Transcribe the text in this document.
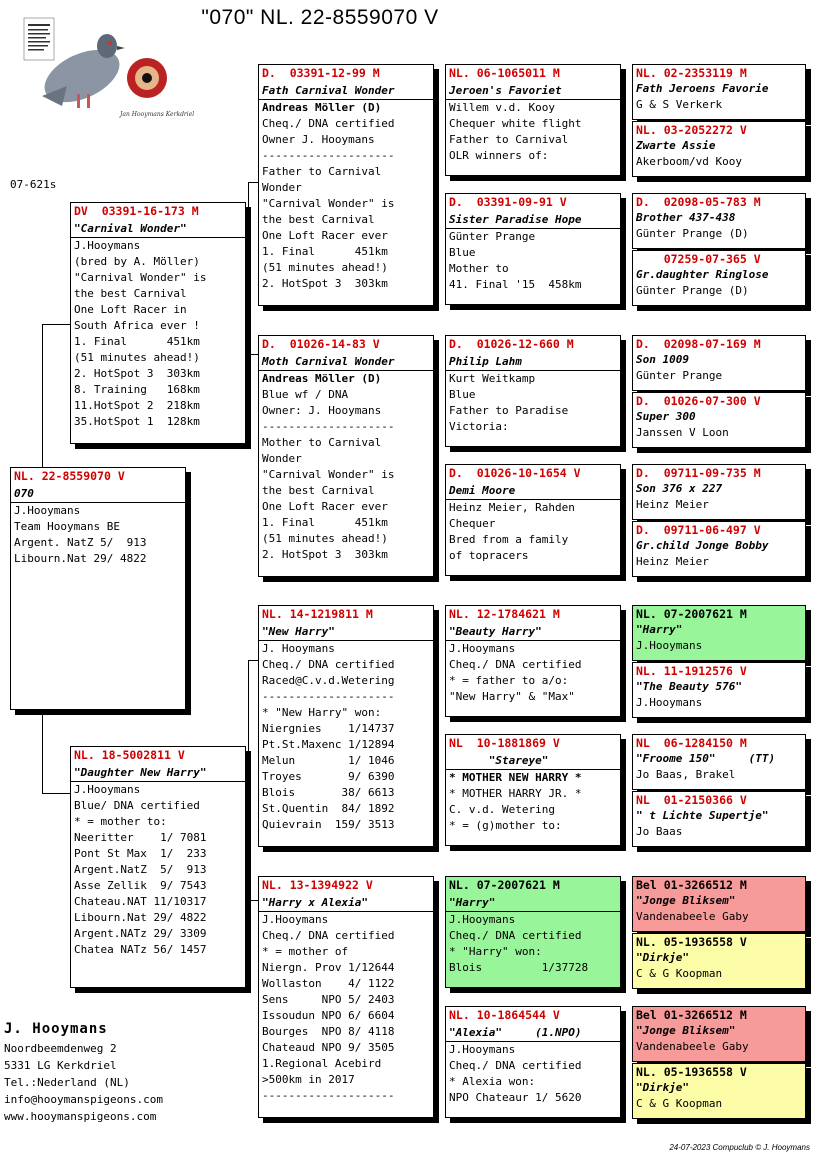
"070" NL. 22-8559070 V
Jan Hooymans Kerkdriel
07-621s
NL. 22-8559070 V
070
J.Hooymans
Team Hooymans BE
Argent. NatZ 5/  913
Libourn.Nat 29/ 4822
DV  03391-16-173 M
"Carnival Wonder"
J.Hooymans
(bred by A. Möller)
"Carnival Wonder" is
the best Carnival
One Loft Racer in
South Africa ever !
1. Final      451km
(51 minutes ahead!)
2. HotSpot 3  303km
8. Training   168km
11.HotSpot 2  218km
35.HotSpot 1  128km
NL. 18-5002811 V
"Daughter New Harry"
J.Hooymans
Blue/ DNA certified
* = mother to:
Neeritter    1/ 7081
Pont St Max  1/  233
Argent.NatZ  5/  913
Asse Zellik  9/ 7543
Chateau.NAT 11/10317
Libourn.Nat 29/ 4822
Argent.NATz 29/ 3309
Chatea NATz 56/ 1457
D.  03391-12-99 M
Fath Carnival Wonder
Andreas Möller (D)
Cheq./ DNA certified
Owner J. Hooymans
--------------------
Father to Carnival
Wonder
"Carnival Wonder" is
the best Carnival
One Loft Racer ever
1. Final      451km
(51 minutes ahead!)
2. HotSpot 3  303km
D.  01026-14-83 V
Moth Carnival Wonder
Andreas Möller (D)
Blue wf / DNA
Owner: J. Hooymans
--------------------
Mother to Carnival
Wonder
"Carnival Wonder" is
the best Carnival
One Loft Racer ever
1. Final      451km
(51 minutes ahead!)
2. HotSpot 3  303km
NL. 14-1219811 M
"New Harry"
J. Hooymans
Cheq./ DNA certified
Raced@C.v.d.Wetering
--------------------
* "New Harry" won:
Niergnies    1/14737
Pt.St.Maxenc 1/12894
Melun        1/ 1046
Troyes       9/ 6390
Blois       38/ 6613
St.Quentin  84/ 1892
Quievrain  159/ 3513
NL. 13-1394922 V
"Harry x Alexia"
J.Hooymans
Cheq./ DNA certified
* = mother of
Niergn. Prov 1/12644
Wollaston    4/ 1122
Sens     NPO 5/ 2403
Issoudun NPO 6/ 6604
Bourges  NPO 8/ 4118
Chateaud NPO 9/ 3505
1.Regional Acebird
>500km in 2017
--------------------
NL. 06-1065011 M
Jeroen's Favoriet
Willem v.d. Kooy
Chequer white flight
Father to Carnival
OLR winners of:
D.  03391-09-91 V
Sister Paradise Hope
Günter Prange
Blue
Mother to
41. Final '15  458km
D.  01026-12-660 M
Philip Lahm
Kurt Weitkamp
Blue
Father to Paradise
Victoria:
D.  01026-10-1654 V
Demi Moore
Heinz Meier, Rahden
Chequer
Bred from a family
of topracers
NL. 12-1784621 M
"Beauty Harry"
J.Hooymans
Cheq./ DNA certified
* = father to a/o:
"New Harry" & "Max"
NL  10-1881869 V
"Stareye"
* MOTHER NEW HARRY *
* MOTHER HARRY JR. *
C. v.d. Wetering
* = (g)mother to:
NL. 07-2007621 M
"Harry"
J.Hooymans
Cheq./ DNA certified
* "Harry" won:
Blois         1/37728
NL. 10-1864544 V
"Alexia"     (1.NPO)
J.Hooymans
Cheq./ DNA certified
* Alexia won:
NPO Chateaur 1/ 5620
NL. 02-2353119 M
Fath Jeroens Favorie
G & S Verkerk
NL. 03-2052272 V
Zwarte Assie
Akerboom/vd Kooy
D.  02098-05-783 M
Brother 437-438
Günter Prange (D)
07259-07-365 V
Gr.daughter Ringlose
Günter Prange (D)
D.  02098-07-169 M
Son 1009
Günter Prange
D.  01026-07-300 V
Super 300
Janssen V Loon
D.  09711-09-735 M
Son 376 x 227
Heinz Meier
D.  09711-06-497 V
Gr.child Jonge Bobby
Heinz Meier
NL. 07-2007621 M
"Harry"
J.Hooymans
NL. 11-1912576 V
"The Beauty 576"
J.Hooymans
NL  06-1284150 M
"Froome 150"     (TT)
Jo Baas, Brakel
NL  01-2150366 V
" t Lichte Supertje"
Jo Baas
Bel 01-3266512 M
"Jonge Bliksem"
Vandenabeele Gaby
NL. 05-1936558 V
"Dirkje"
C & G Koopman
Bel 01-3266512 M
"Jonge Bliksem"
Vandenabeele Gaby
NL. 05-1936558 V
"Dirkje"
C & G Koopman
J. Hooymans
Noordbeemdenweg 2
5331 LG Kerkdriel
Tel.:Nederland (NL)
info@hooymanspigeons.com
www.hooymanspigeons.com
24-07-2023 Compuclub © J. Hooymans
